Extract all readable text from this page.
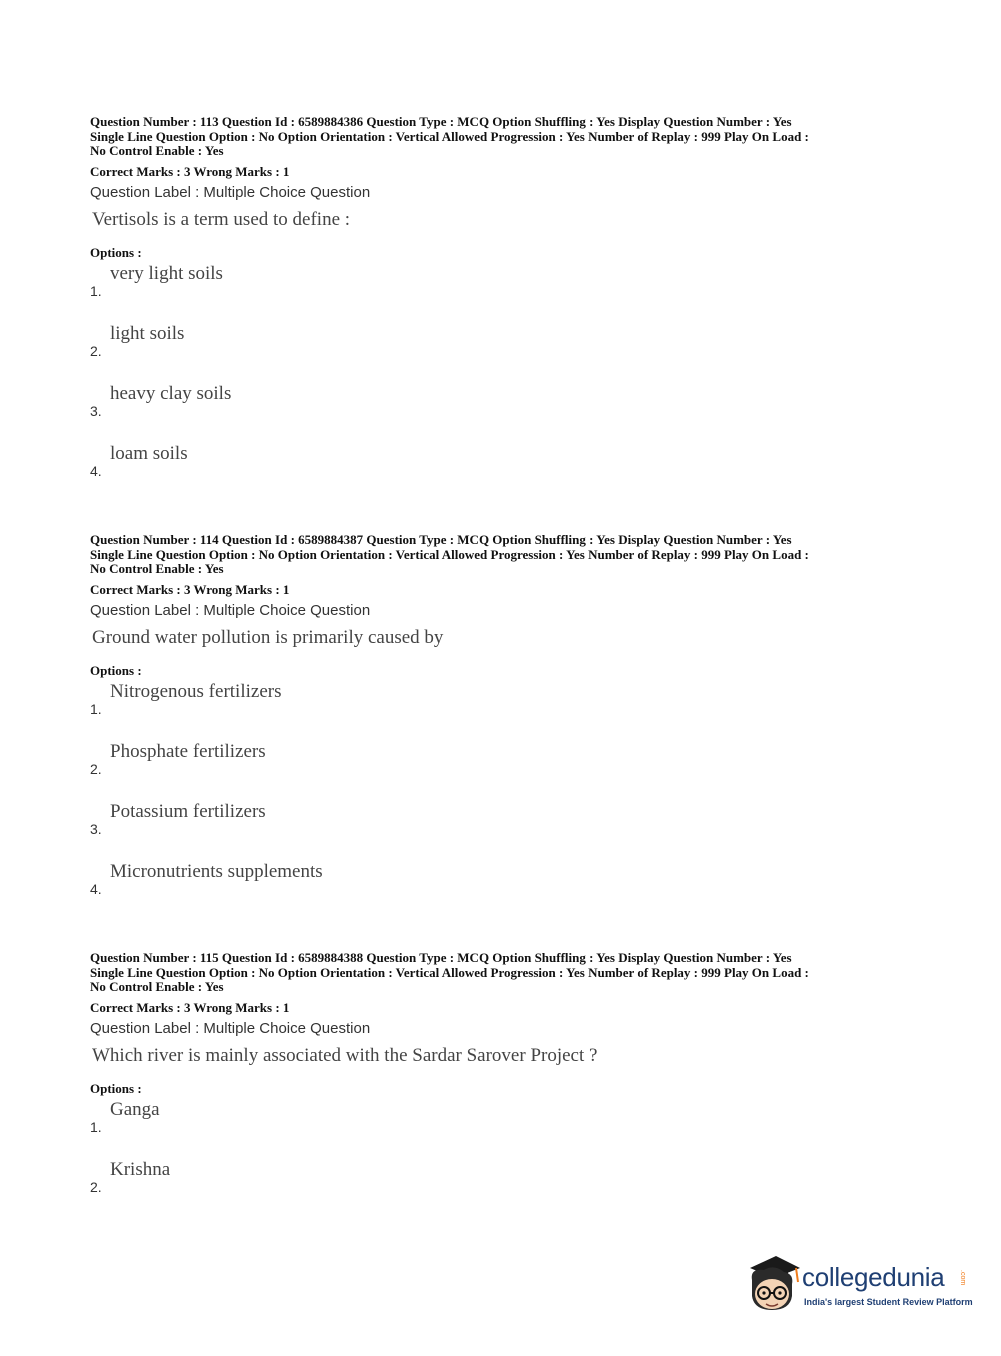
Question Number : 113 Question Id : 6589884386 Question Type : MCQ Option Shuffling : Yes Display Question Number : Yes

Single Line Question Option : No Option Orientation : Vertical Allowed Progression : Yes Number of Replay : 999 Play On Load :

No Control Enable : Yes

Correct Marks : 3 Wrong Marks : 1
Question Label : Multiple Choice Question
Vertisols is a term used to define :
Options :
1.
very light soils
2.
light soils
3.
heavy clay soils
4.
loam soils

Question Number : 114 Question Id : 6589884387 Question Type : MCQ Option Shuffling : Yes Display Question Number : Yes

Single Line Question Option : No Option Orientation : Vertical Allowed Progression : Yes Number of Replay : 999 Play On Load :

No Control Enable : Yes

Correct Marks : 3 Wrong Marks : 1
Question Label : Multiple Choice Question
Ground water pollution is primarily caused by
Options :
1.
Nitrogenous fertilizers
2.
Phosphate fertilizers
3.
Potassium fertilizers
4.
Micronutrients supplements

Question Number : 115 Question Id : 6589884388 Question Type : MCQ Option Shuffling : Yes Display Question Number : Yes

Single Line Question Option : No Option Orientation : Vertical Allowed Progression : Yes Number of Replay : 999 Play On Load :

No Control Enable : Yes

Correct Marks : 3 Wrong Marks : 1
Question Label : Multiple Choice Question
Which river is mainly associated with the Sardar Sarover Project ?
Options :
1.
Ganga
2.
Krishna
collegedunia .com
India's largest Student Review Platform
